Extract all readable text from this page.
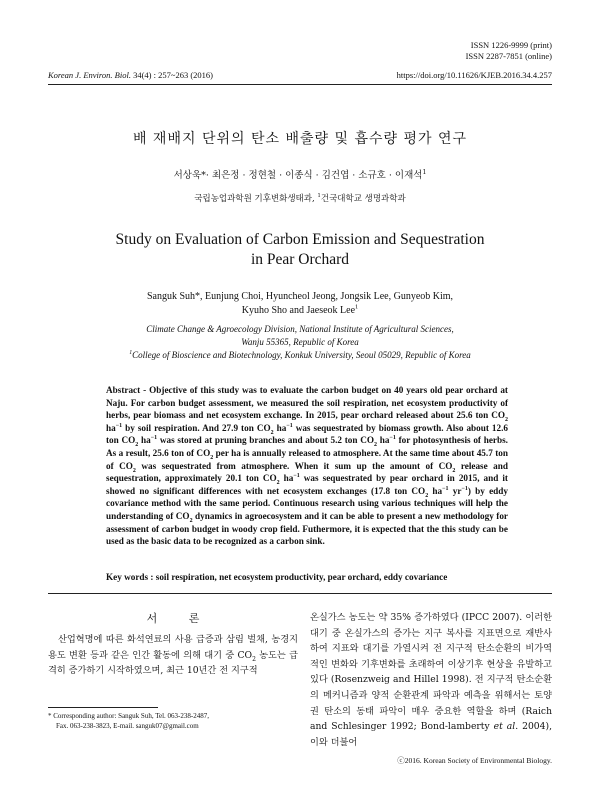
ISSN 1226-9999 (print)
ISSN 2287-7851 (online)
Korean J. Environ. Biol. 34(4) : 257~263 (2016)	https://doi.org/10.11626/KJEB.2016.34.4.257
배 재배지 단위의 탄소 배출량 및 흡수량 평가 연구
서상욱*· 최은정 · 정현철 · 이종식 · 김건엽 · 소규호 · 이재석$^1$
국립농업과학원 기후변화생태과, $^1$건국대학교 생명과학과
Study on Evaluation of Carbon Emission and Sequestration
in Pear Orchard
Sanguk Suh*, Eunjung Choi, Hyuncheol Jeong, Jongsik Lee, Gunyeob Kim,
Kyuho Sho and Jaeseok Lee$^1$
Climate Change & Agroecology Division, National Institute of Agricultural Sciences,
Wanju 55365, Republic of Korea
$^1$College of Bioscience and Biotechnology, Konkuk University, Seoul 05029, Republic of Korea
Abstract - Objective of this study was to evaluate the carbon budget on 40 years old pear orchard at Naju. For carbon budget assessment, we measured the soil respiration, net ecosystem productivity of herbs, pear biomass and net ecosystem exchange. In 2015, pear orchard released about 25.6 ton $CO_2$ $ha^{-1}$ by soil respiration. And 27.9 ton $CO_2$ $ha^{-1}$ was sequestrated by biomass growth. Also about 12.6 ton $CO_2$ $ha^{-1}$ was stored at pruning branches and about 5.2 ton $CO_2$ $ha^{-1}$ for photosynthesis of herbs. As a result, 25.6 ton of $CO_2$ per ha is annually released to atmosphere. At the same time about 45.7 ton of $CO_2$ was sequestrated from atmosphere. When it sum up the amount of $CO_2$ release and sequestration, approximately 20.1 ton $CO_2$ $ha^{-1}$ was sequestrated by pear orchard in 2015, and it showed no significant differences with net ecosystem exchanges (17.8 ton $CO_2$ $ha^{-1}$ $yr^{-1}$) by eddy covariance method with the same period. Continuous research using various techniques will help the understanding of $CO_2$ dynamics in agroecosystem and it can be able to present a new methodology for assessment of carbon budget in woody crop field. Futhermore, it is expected that the this study can be used as the basic data to be recognized as a carbon sink.
Key words : soil respiration, net ecosystem productivity, pear orchard, eddy covariance
서 론
산업혁명에 따른 화석연료의 사용 급증과 삼림 벌채, 농경지 용도 변환 등과 같은 인간 활동에 의해 대기 중 $CO_2$ 농도는 급격히 증가하기 시작하였으며, 최근 10년간 전 지구적
온실가스 농도는 약 35% 증가하였다 (IPCC 2007). 이러한 대기 중 온실가스의 증가는 지구 복사를 지표면으로 재반사하여 지표와 대기를 가열시켜 전 지구적 탄소순환의 비가역적인 변화와 기후변화를 초래하여 이상기후 현상을 유발하고 있다 (Rosenzweig and Hillel 1998). 전 지구적 탄소순환의 메커니즘과 양적 순환관계 파악과 예측을 위해서는 토양권 탄소의 동태 파악이 매우 중요한 역할을 하며 (Raich and Schlesinger 1992; Bond-lamberty et al. 2004), 이와 더불어
* Corresponding author: Sanguk Suh, Tel. 063-238-2487,
Fax. 063-238-3823, E-mail. sanguk07@gmail.com
ⓒ2016. Korean Society of Environmental Biology.
